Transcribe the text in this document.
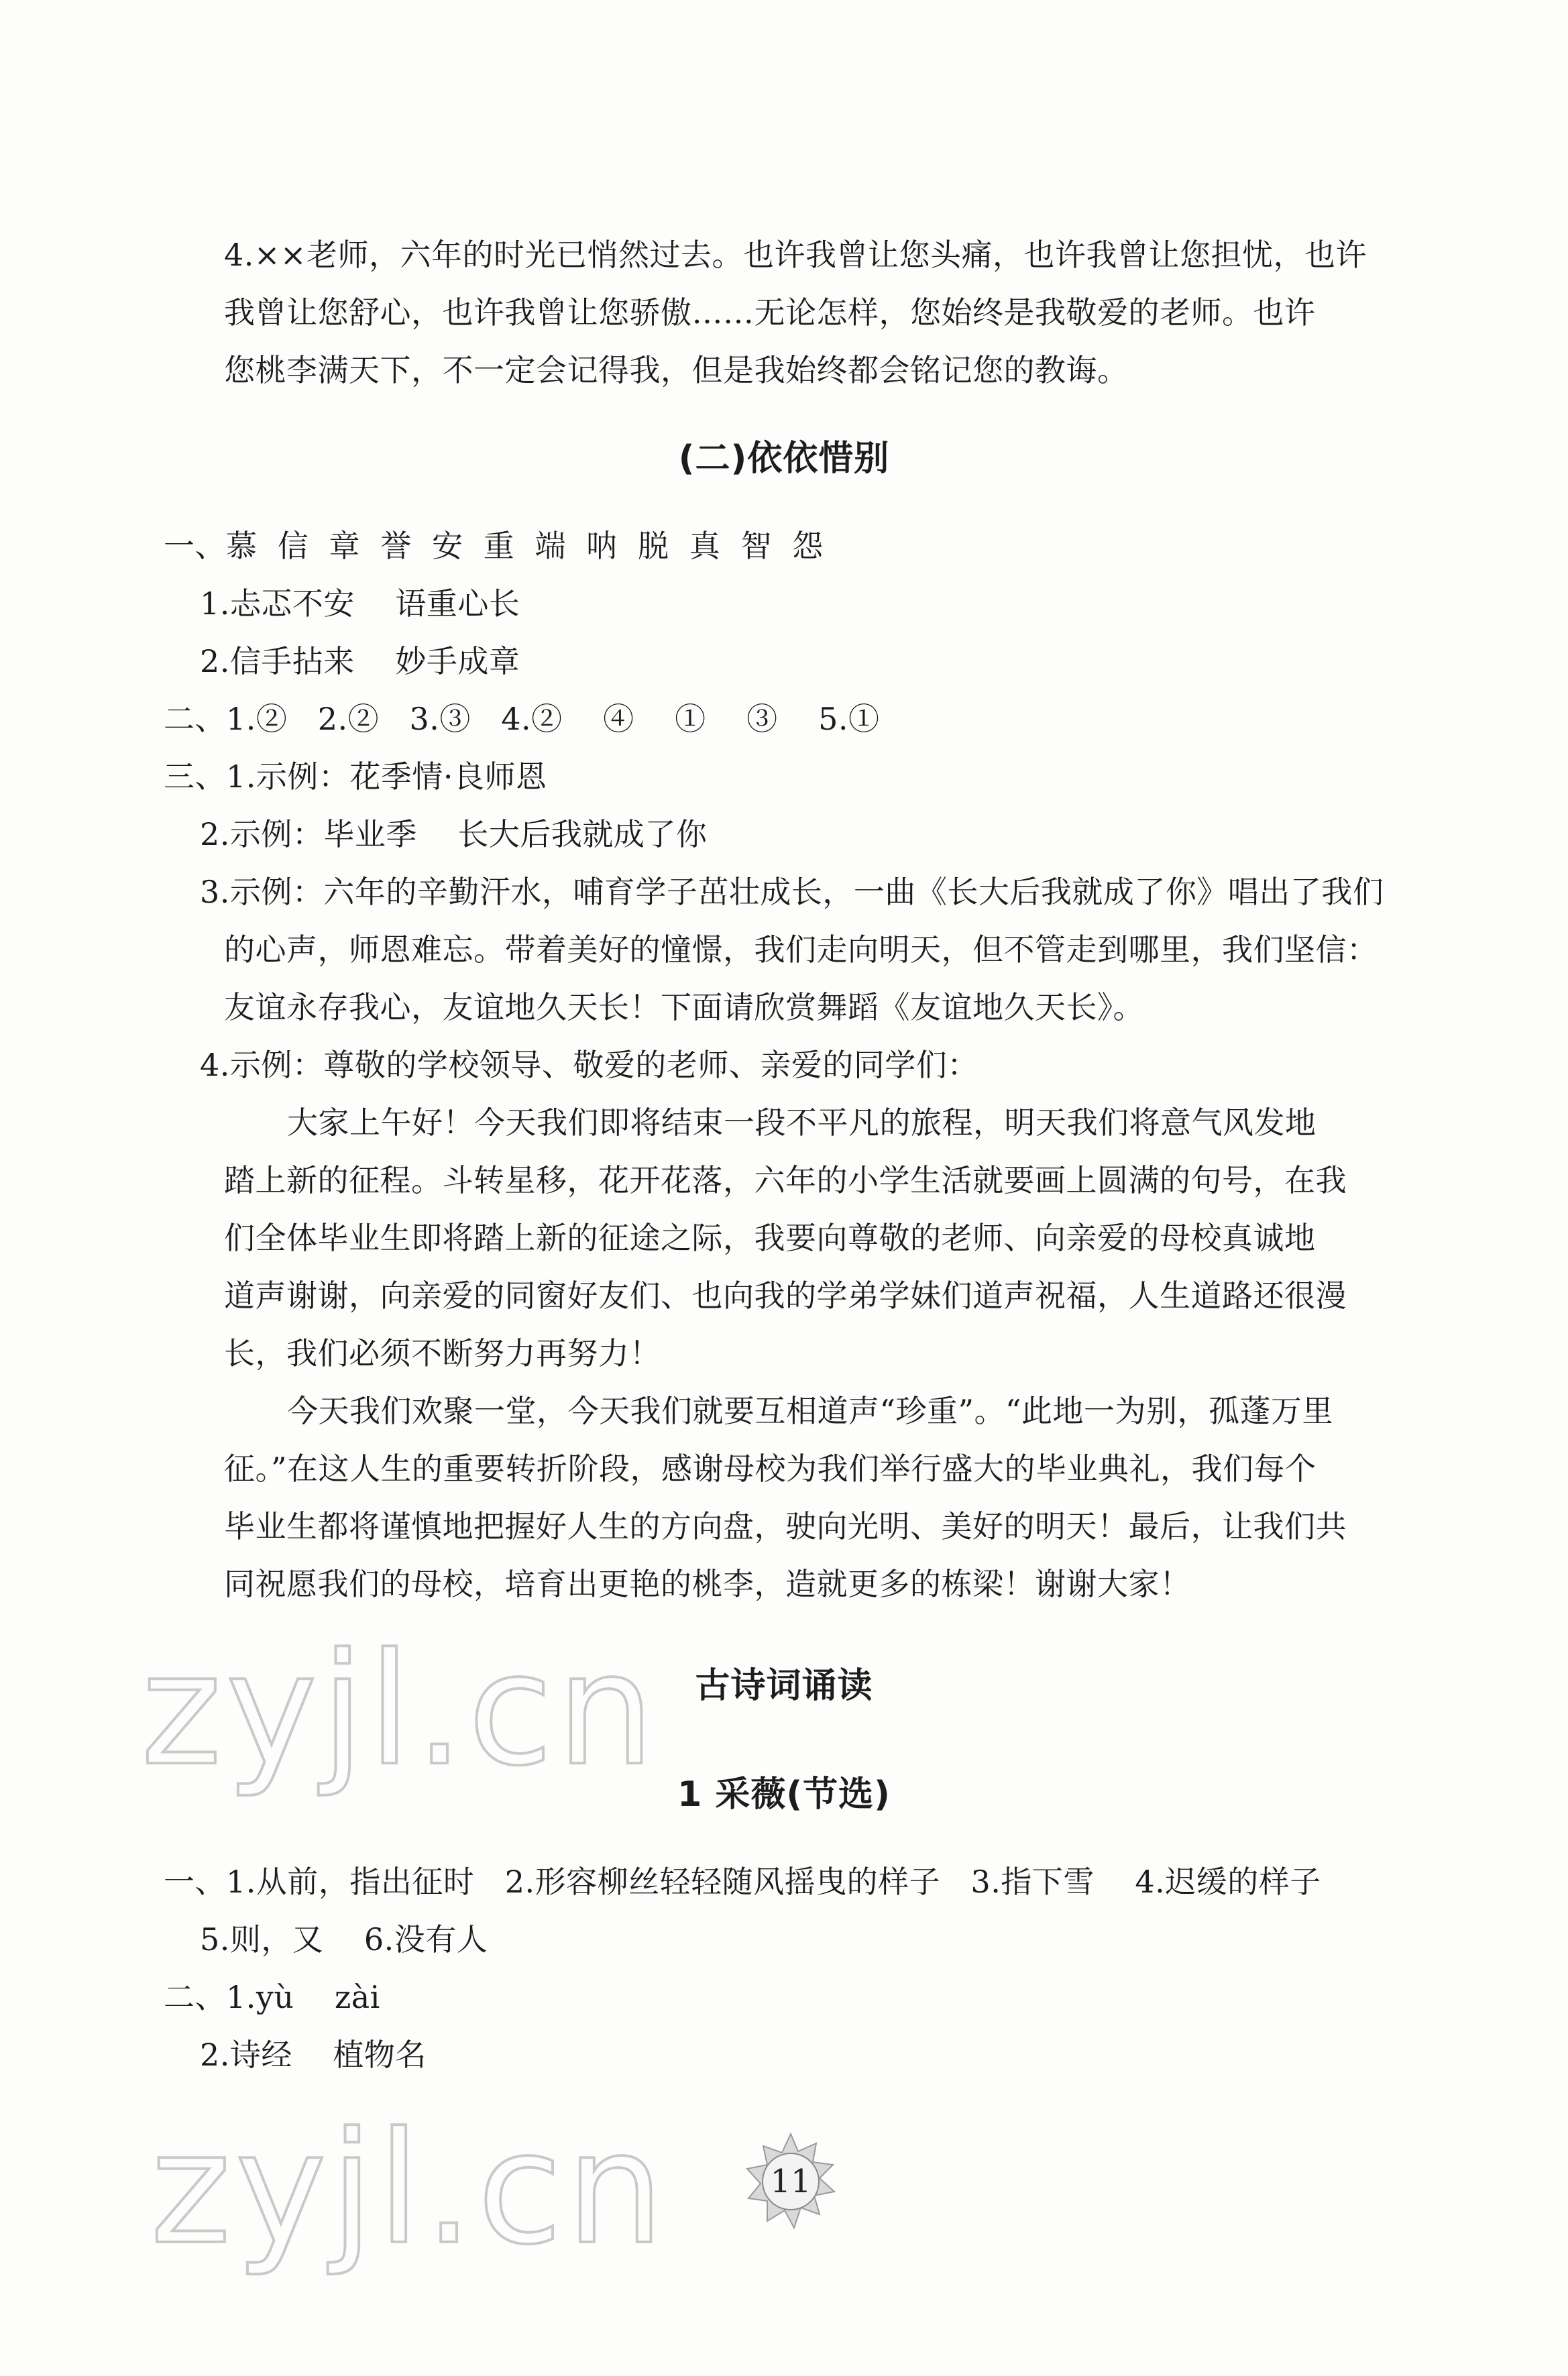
4.××老师，六年的时光已悄然过去。也许我曾让您头痛，也许我曾让您担忧，也许
我曾让您舒心，也许我曾让您骄傲……无论怎样，您始终是我敬爱的老师。也许
您桃李满天下，不一定会记得我，但是我始终都会铭记您的教诲。
(二)依依惜别
一、慕  信  章  誉  安  重  端  呐  脱  真  智  怨
1.忐忑不安    语重心长
2.信手拈来    妙手成章
二、1.②   2.②   3.③   4.②    ④    ①    ③    5.①
三、1.示例：花季情·良师恩
2.示例：毕业季    长大后我就成了你
3.示例：六年的辛勤汗水，哺育学子茁壮成长，一曲《长大后我就成了你》唱出了我们
的心声，师恩难忘。带着美好的憧憬，我们走向明天，但不管走到哪里，我们坚信：
友谊永存我心，友谊地久天长！下面请欣赏舞蹈《友谊地久天长》。
4.示例：尊敬的学校领导、敬爱的老师、亲爱的同学们：
大家上午好！今天我们即将结束一段不平凡的旅程，明天我们将意气风发地
踏上新的征程。斗转星移，花开花落，六年的小学生活就要画上圆满的句号，在我
们全体毕业生即将踏上新的征途之际，我要向尊敬的老师、向亲爱的母校真诚地
道声谢谢，向亲爱的同窗好友们、也向我的学弟学妹们道声祝福，人生道路还很漫
长，我们必须不断努力再努力！
今天我们欢聚一堂，今天我们就要互相道声“珍重”。“此地一为别，孤蓬万里
征。”在这人生的重要转折阶段，感谢母校为我们举行盛大的毕业典礼，我们每个
毕业生都将谨慎地把握好人生的方向盘，驶向光明、美好的明天！最后，让我们共
同祝愿我们的母校，培育出更艳的桃李，造就更多的栋梁！谢谢大家！
zyjl.cn	古诗词诵读
1 采薇(节选)
一、1.从前，指出征时   2.形容柳丝轻轻随风摇曳的样子   3.指下雪    4.迟缓的样子
5.则，又    6.没有人
二、1.yù    zài
2.诗经    植物名
zyjl.cn	11
